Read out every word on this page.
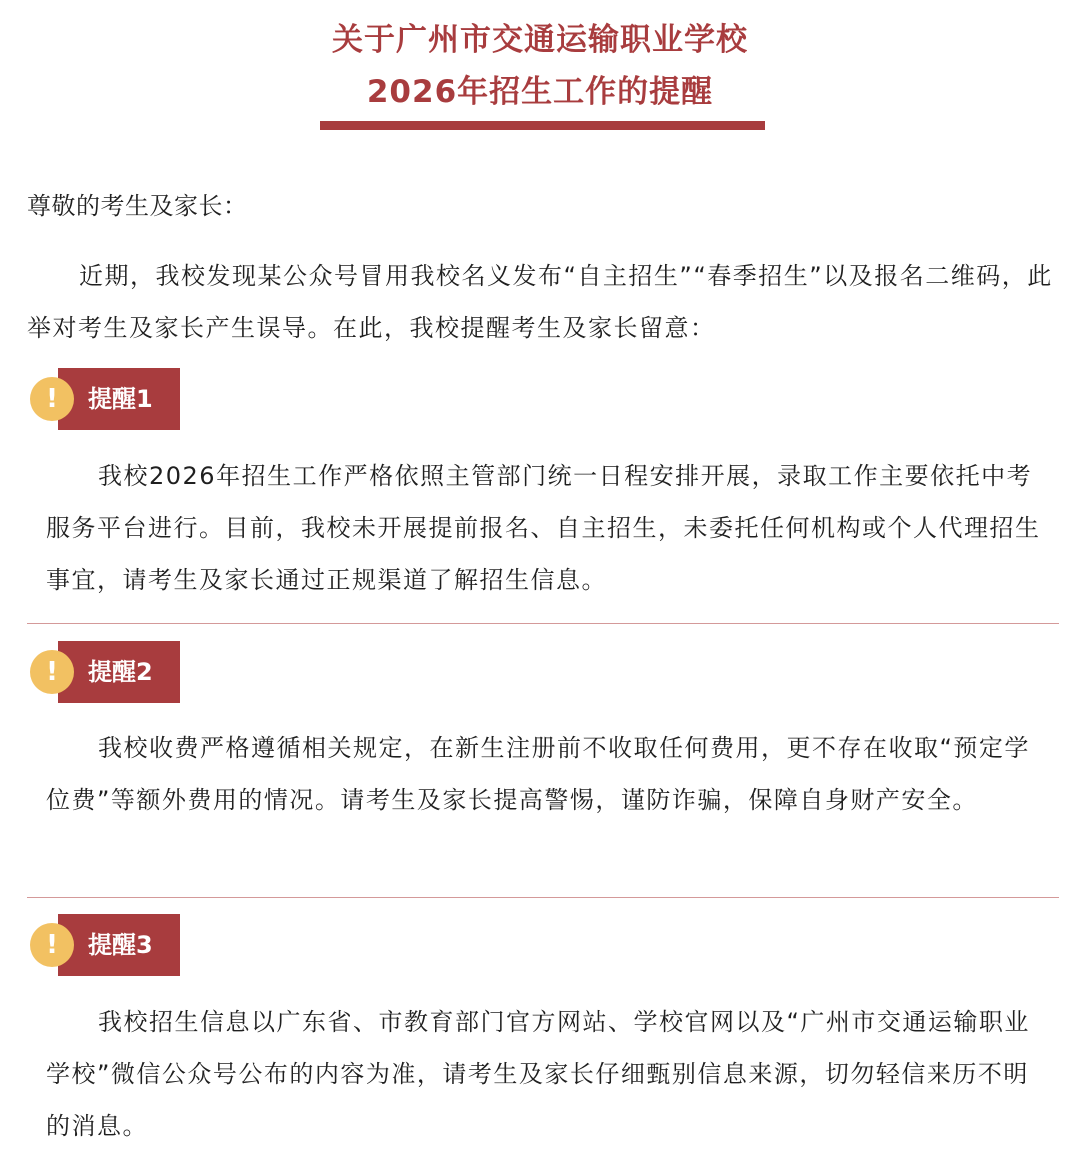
关于广州市交通运输职业学校
2026年招生工作的提醒
尊敬的考生及家长：

近期，我校发现某公众号冒用我校名义发布“自主招生”“春季招生”以及报名二维码，此举对考生及家长产生误导。在此，我校提醒考生及家长留意：

!	提醒1

我校2026年招生工作严格依照主管部门统一日程安排开展，录取工作主要依托中考服务平台进行。目前，我校未开展提前报名、自主招生，未委托任何机构或个人代理招生事宜，请考生及家长通过正规渠道了解招生信息。

!	提醒2

我校收费严格遵循相关规定，在新生注册前不收取任何费用，更不存在收取“预定学位费”等额外费用的情况。请考生及家长提高警惕，谨防诈骗，保障自身财产安全。

!	提醒3

我校招生信息以广东省、市教育部门官方网站、学校官网以及“广州市交通运输职业学校”微信公众号公布的内容为准，请考生及家长仔细甄别信息来源，切勿轻信来历不明的消息。
